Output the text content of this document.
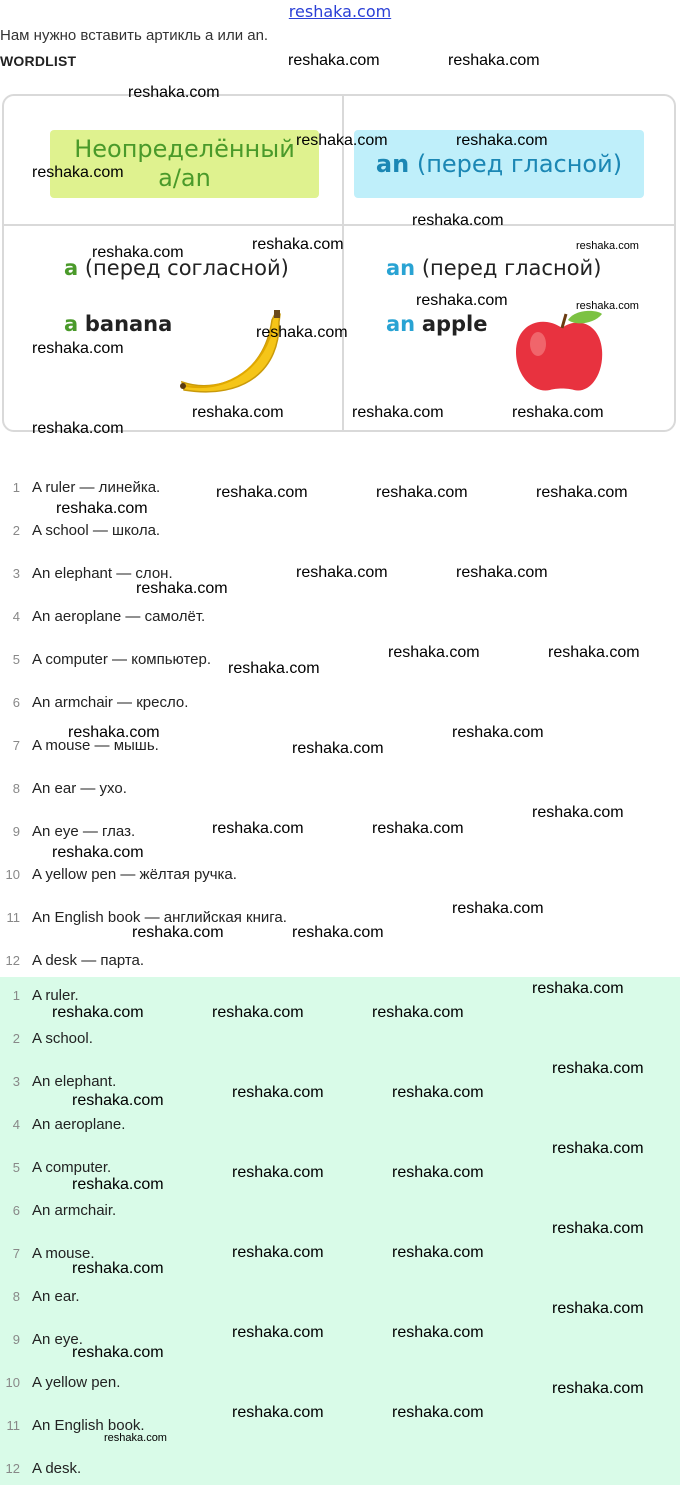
reshaka.com
Нам нужно вставить артикль a или an.
WORDLIST
Неопределённый
a/an	an
(перед гласной)
a (перед согласной)	an (перед гласной)
a banana	an apple
1 A ruler — линейка.
2 A school — школа.
3 An elephant — слон.
4 An aeroplane — самолёт.
5 A computer — компьютер.
6 An armchair — кресло.
7 A mouse — мышь.
8 An ear — ухо.
9 An eye — глаз.
10 A yellow pen — жёлтая ручка.
11 An English book — английская книга.
12 A desk — парта.
1 A ruler.
2 A school.
3 An elephant.
4 An aeroplane.
5 A computer.
6 An armchair.
7 A mouse.
8 An ear.
9 An eye.
10 A yellow pen.
11 An English book.
12 A desk.
reshaka.com	reshaka.com
reshaka.com
reshaka.com	reshaka.com
reshaka.com
reshaka.com
reshaka.com	reshaka.com
reshaka.com
reshaka.com
reshaka.com
reshaka.com	reshaka.com	reshaka.com
reshaka.com
reshaka.com	reshaka.com	reshaka.com
reshaka.com
reshaka.com	reshaka.com
reshaka.com
reshaka.com	reshaka.com
reshaka.com
reshaka.com	reshaka.com
reshaka.com
reshaka.com
reshaka.com	reshaka.com
reshaka.com
reshaka.com
reshaka.com	reshaka.com
reshaka.com
reshaka.com	reshaka.com	reshaka.com
reshaka.com
reshaka.com	reshaka.com
reshaka.com
reshaka.com
reshaka.com	reshaka.com
reshaka.com
reshaka.com
reshaka.com	reshaka.com
reshaka.com
reshaka.com
reshaka.com	reshaka.com
reshaka.com
reshaka.com
reshaka.com	reshaka.com
reshaka.com
reshaka.com
reshaka.com
